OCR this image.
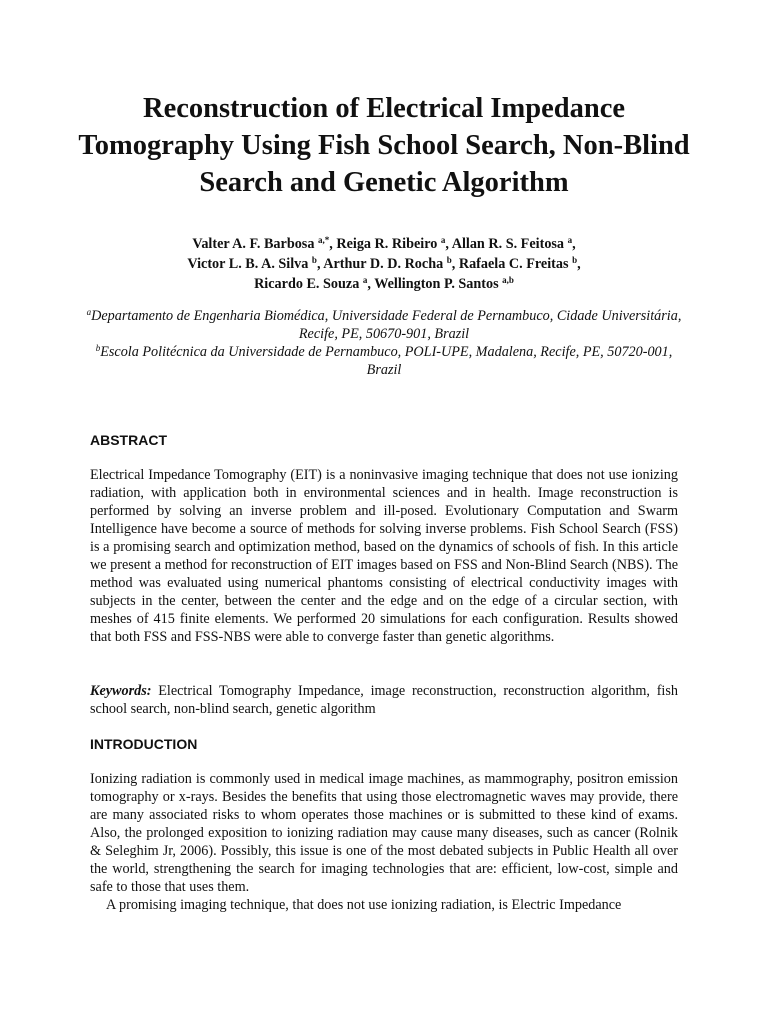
Reconstruction of Electrical Impedance Tomography Using Fish School Search, Non-Blind Search and Genetic Algorithm
Valter A. F. Barbosa $^{a,*}$, Reiga R. Ribeiro $^a$, Allan R. S. Feitosa $^a$,
Victor L. B. A. Silva $^b$, Arthur D. D. Rocha $^b$, Rafaela C. Freitas $^b$,
Ricardo E. Souza $^a$, Wellington P. Santos $^{a,b}$
$^a$Departamento de Engenharia Biomédica, Universidade Federal de Pernambuco, Cidade Universitária, Recife, PE, 50670-901, Brazil
$^b$Escola Politécnica da Universidade de Pernambuco, POLI-UPE, Madalena, Recife, PE, 50720-001, Brazil
ABSTRACT
Electrical Impedance Tomography (EIT) is a noninvasive imaging technique that does not use ionizing radiation, with application both in environmental sciences and in health. Image reconstruction is performed by solving an inverse problem and ill-posed. Evolutionary Computation and Swarm Intelligence have become a source of methods for solving inverse problems. Fish School Search (FSS) is a promising search and optimization method, based on the dynamics of schools of fish. In this article we present a method for reconstruction of EIT images based on FSS and Non-Blind Search (NBS). The method was evaluated using numerical phantoms consisting of electrical conductivity images with subjects in the center, between the center and the edge and on the edge of a circular section, with meshes of 415 finite elements. We performed 20 simulations for each configuration. Results showed that both FSS and FSS-NBS were able to converge faster than genetic algorithms.
Keywords: Electrical Tomography Impedance, image reconstruction, reconstruction algorithm, fish school search, non-blind search, genetic algorithm
INTRODUCTION
Ionizing radiation is commonly used in medical image machines, as mammography, positron emission tomography or x-rays. Besides the benefits that using those electromagnetic waves may provide, there are many associated risks to whom operates those machines or is submitted to these kind of exams. Also, the prolonged exposition to ionizing radiation may cause many diseases, such as cancer (Rolnik & Seleghim Jr, 2006). Possibly, this issue is one of the most debated subjects in Public Health all over the world, strengthening the search for imaging technologies that are: efficient, low-cost, simple and safe to those that uses them.
A promising imaging technique, that does not use ionizing radiation, is Electric Impedance
